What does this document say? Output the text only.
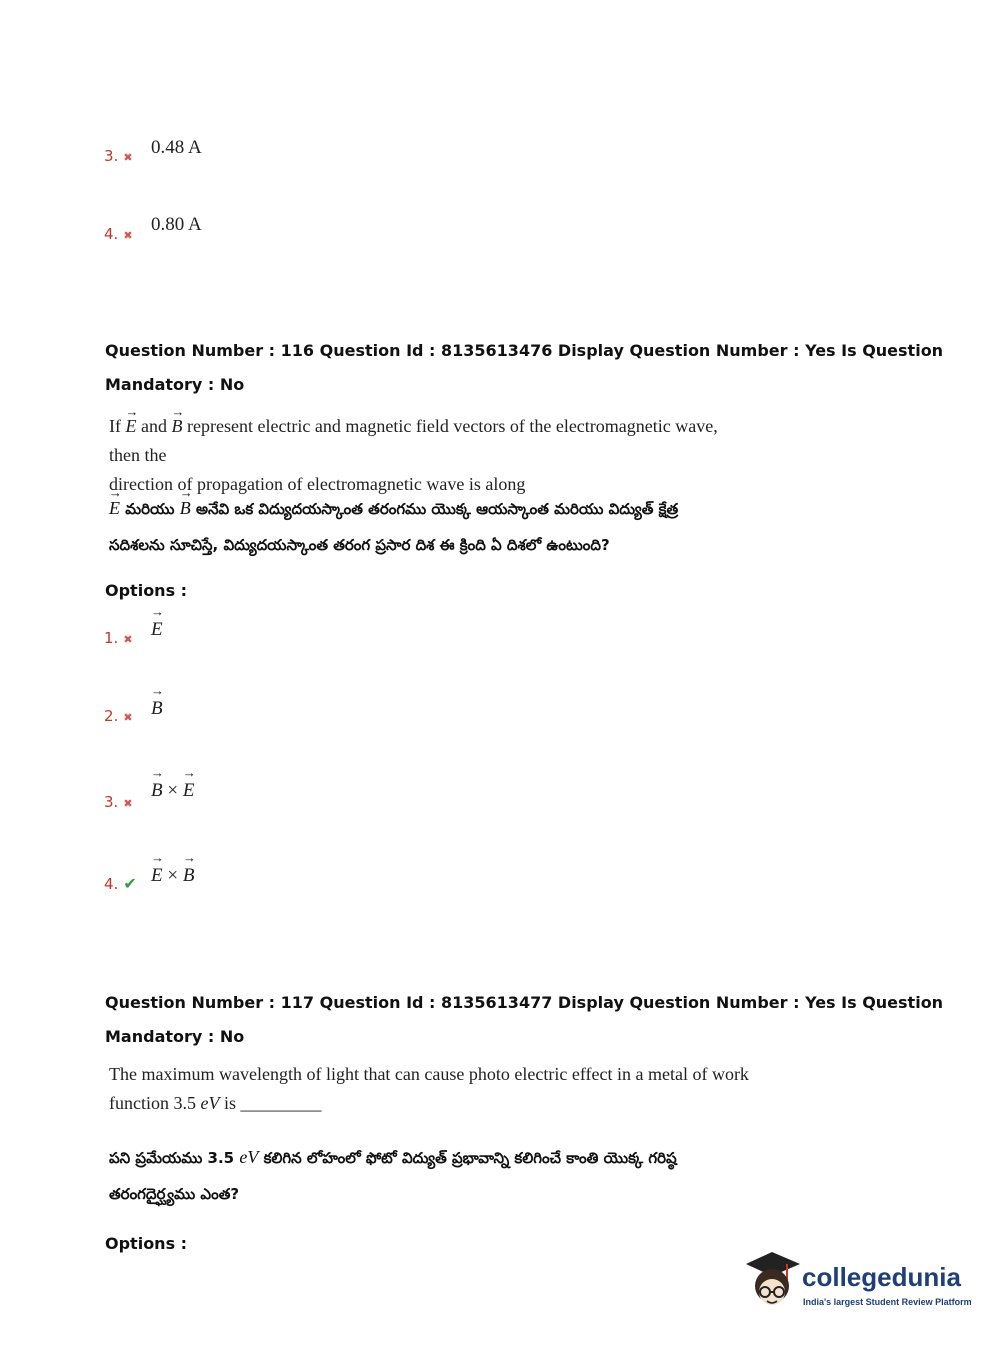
3. ✖ 0.48 A
4. ✖
0.80 A
Question Number : 116 Question Id : 8135613476 Display Question Number : Yes Is Question
Mandatory : No
If → E and → B represent electric and magnetic field vectors of the electromagnetic wave, then the
direction of propagation of electromagnetic wave is along
→ E మరియు → B అనేవి ఒక విద్యుదయస్కాంత తరంగము యొక్క ఆయస్కాంత మరియు విద్యుత్ క్షేత్ర
సదిశలను సూచిస్తే, విద్యుదయస్కాంత తరంగ ప్రసార దిశ ఈ క్రింది ఏ దిశలో ఉంటుంది?
Options :
1. ✖ → E
2. ✖ → B
3. ✖
→ B × → E
4. ✔ → E × → B
Question Number : 117 Question Id : 8135613477 Display Question Number : Yes Is Question
Mandatory : No
The maximum wavelength of light that can cause photo electric effect in a metal of work
function 3.5 eV is _________
పని ప్రమేయము 3.5 eV కలిగిన లోహంలో ఫోటో విద్యుత్ ప్రభావాన్ని కలిగించే కాంతి యొక్క గరిష్ఠ
తరంగదైర్ఘ్యము ఎంత?
Options :
collegedunia
India's largest Student Review Platform
